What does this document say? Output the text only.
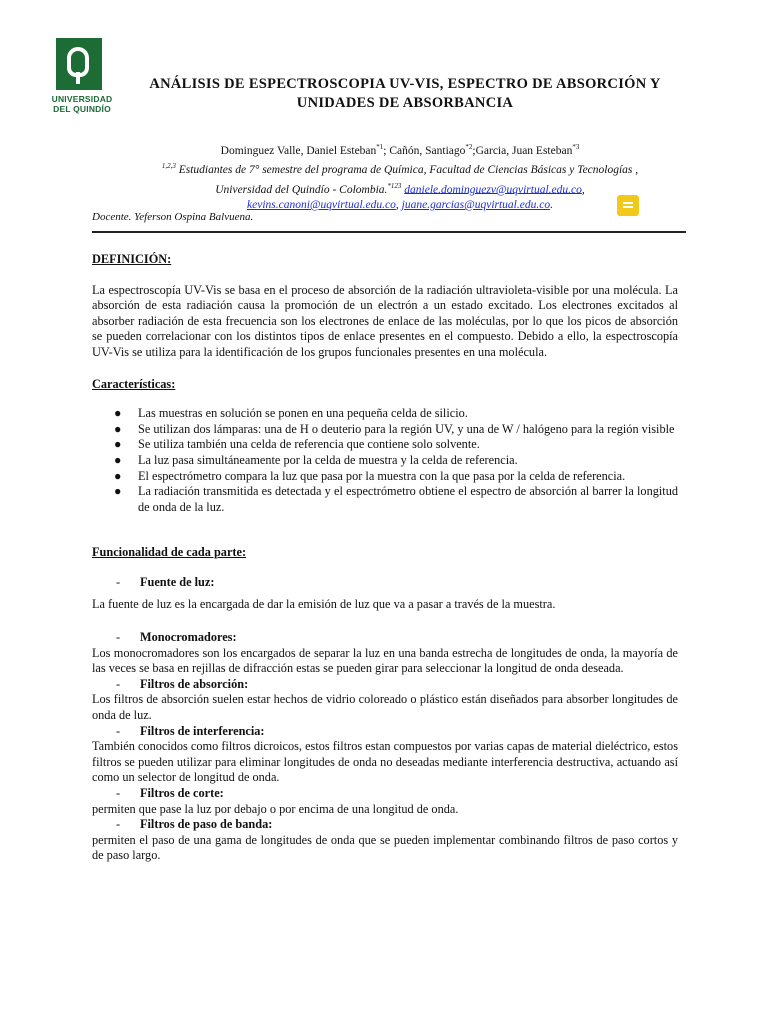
UNIVERSIDAD
DEL QUINDÍO
ANÁLISIS DE ESPECTROSCOPIA UV-VIS, ESPECTRO DE ABSORCIÓN Y
UNIDADES DE ABSORBANCIA
Dominguez Valle, Daniel Esteban$^{*1}$; Cañón, Santiago$^{*2}$;Garcia, Juan Esteban$^{*3}$
$^{1,2,3}$ Estudiantes de 7° semestre del programa de Química, Facultad de Ciencias Básicas y Tecnologías ,
Universidad del Quindío - Colombia.$^{*123}$ daniele.dominguezv@uqvirtual.edu.co,
kevins.canoni@uqvirtual.edu.co, juane.garcias@uqvirtual.edu.co.
Docente. Yeferson Ospina Balvuena.

DEFINICIÓN:

La espectroscopía UV-Vis se basa en el proceso de absorción de la radiación ultravioleta-visible por una molécula. La absorción de esta radiación causa la promoción de un electrón a un estado excitado. Los electrones excitados al absorber radiación de esta frecuencia son los electrones de enlace de las moléculas, por lo que los picos de absorción se pueden correlacionar con los distintos tipos de enlace presentes en el compuesto. Debido a ello, la espectroscopía UV-Vis se utiliza para la identificación de los grupos funcionales presentes en una molécula.

Características:

● Las muestras en solución se ponen en una pequeña celda de silicio.
● Se utilizan dos lámparas: una de H o deuterio para la región UV, y una de W / halógeno para la región visible
● Se utiliza también una celda de referencia que contiene solo solvente.
● La luz pasa simultáneamente por la celda de muestra y la celda de referencia.
● El espectrómetro compara la luz que pasa por la muestra con la que pasa por la celda de referencia.
● La radiación transmitida es detectada y el espectrómetro obtiene el espectro de absorción al barrer la longitud de onda de la luz.

Funcionalidad de cada parte:

- Fuente de luz:

La fuente de luz es la encargada de dar la emisión de luz que va a pasar a través de la muestra.

- Monocromadores:

Los monocromadores son los encargados de separar la luz en una banda estrecha de longitudes de onda, la mayoría de las veces se basa en rejillas de difracción estas se pueden girar para seleccionar la longitud de onda deseada.

- Filtros de absorción:

Los filtros de absorción suelen estar hechos de vidrio coloreado o plástico están diseñados para absorber longitudes de onda de luz.

- Filtros de interferencia:

También conocidos como filtros dicroicos, estos filtros estan compuestos por varias capas de material dieléctrico, estos filtros se pueden utilizar para eliminar longitudes de onda no deseadas mediante interferencia destructiva, actuando así como un selector de longitud de onda.

- Filtros de corte:

permiten que pase la luz por debajo o por encima de una longitud de onda.

- Filtros de paso de banda:

permiten el paso de una gama de longitudes de onda que se pueden implementar combinando filtros de paso cortos y de paso largo.
